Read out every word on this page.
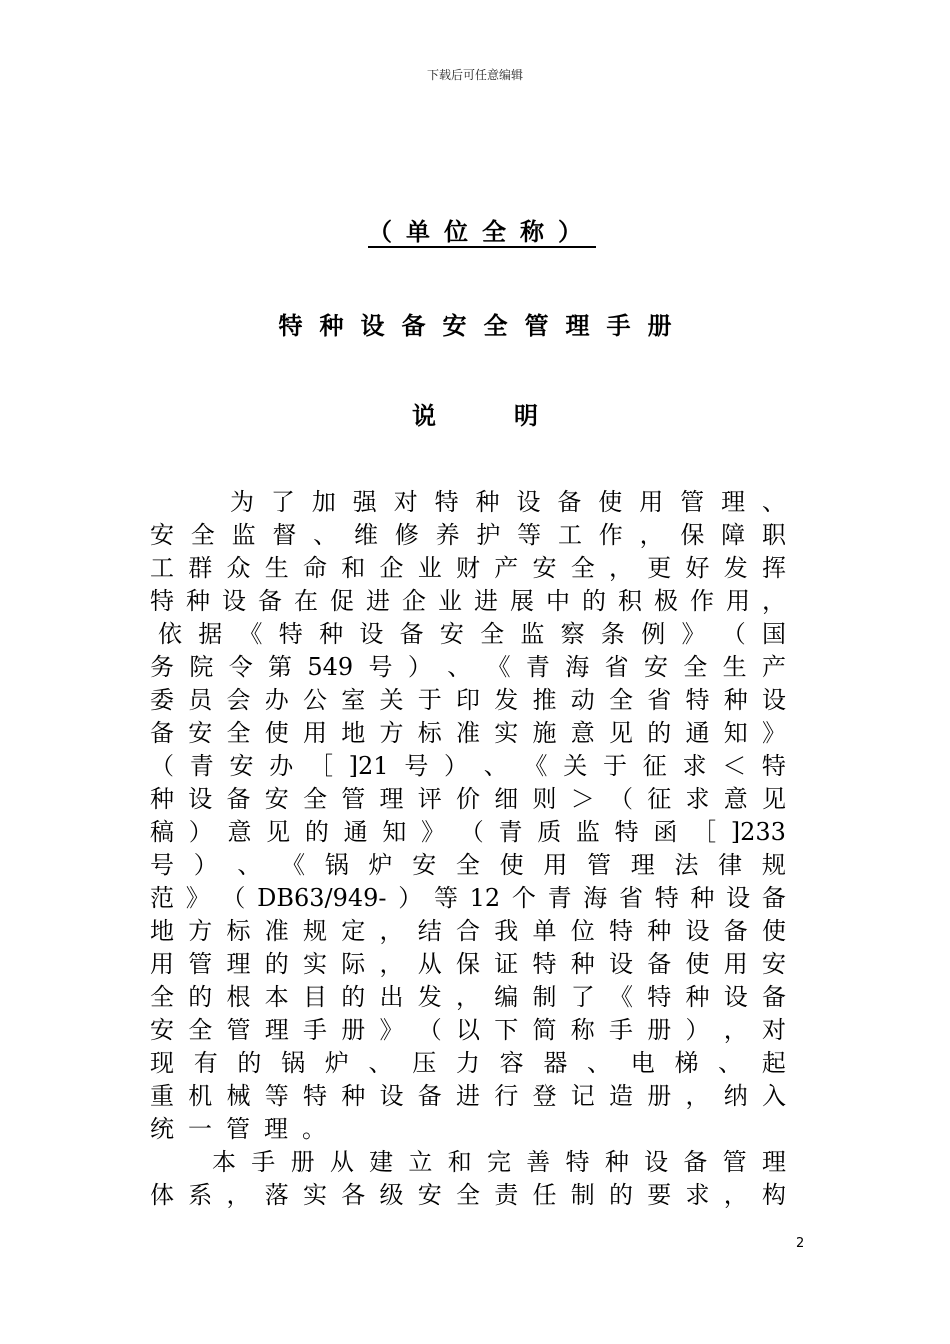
下载后可任意编辑
（单位全称）
特种设备安全管理手册
说明
为 了 加 强 对 特 种 设 备 使 用 管 理 、
安 全 监 督 、 维 修 养 护 等 工 作 ， 保 障 职
工 群 众 生 命 和 企 业 财 产 安 全 ， 更 好 发 挥
特 种 设 备 在 促 进 企 业 进 展 中 的 积 极 作 用 ，
依 据 《 特 种 设 备 安 全 监 察 条 例 》 （ 国
务 院 令 第 549 号 ） 、 《 青 海 省 安 全 生 产
委 员 会 办 公 室 关 于 印 发 推 动 全 省 特 种 设
备 安 全 使 用 地 方 标 准 实 施 意 见 的 通 知 》
（ 青 安 办 ［ ]21 号 ） 、 《 关 于 征 求 ＜ 特
种 设 备 安 全 管 理 评 价 细 则 ＞ （ 征 求 意 见
稿 ） 意 见 的 通 知 》 （ 青 质 监 特 函 ［ ]233
号 ） 、 《 锅 炉 安 全 使 用 管 理 法 律 规
范 》 （ DB63/949- ） 等 12 个 青 海 省 特 种 设 备
地 方 标 准 规 定 ， 结 合 我 单 位 特 种 设 备 使
用 管 理 的 实 际 ， 从 保 证 特 种 设 备 使 用 安
全 的 根 本 目 的 出 发 ， 编 制 了 《 特 种 设 备
安 全 管 理 手 册 》 （ 以 下 简 称 手 册 ） ， 对
现 有 的 锅 炉 、 压 力 容 器 、 电 梯 、 起
重 机 械 等 特 种 设 备 进 行 登 记 造 册 ， 纳 入
统一管理。
本 手 册 从 建 立 和 完 善 特 种 设 备 管 理
体 系 ， 落 实 各 级 安 全 责 任 制 的 要 求 ， 构
2
